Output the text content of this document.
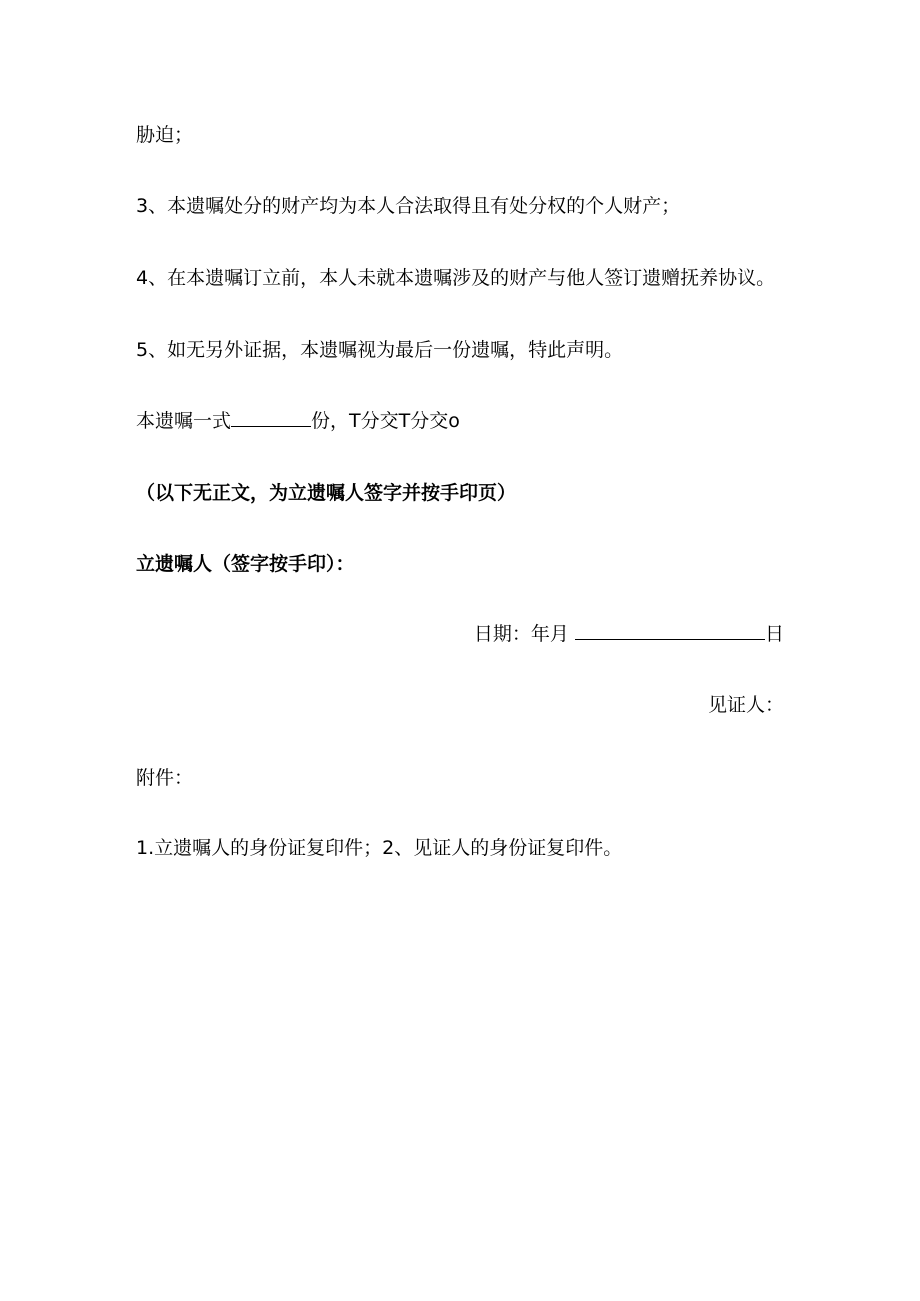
胁迫；
3、本遗嘱处分的财产均为本人合法取得且有处分权的个人财产；
4、在本遗嘱订立前，本人未就本遗嘱涉及的财产与他人签订遗赠抚养协议。
5、如无另外证据，本遗嘱视为最后一份遗嘱，特此声明。
本遗嘱一式	份，T分交T分交o
（以下无正文，为立遗嘱人签字并按手印页）
立遗嘱人（签字按手印）：
日期：年月	日
见证人：
附件：
1.立遗嘱人的身份证复印件；2、见证人的身份证复印件。
